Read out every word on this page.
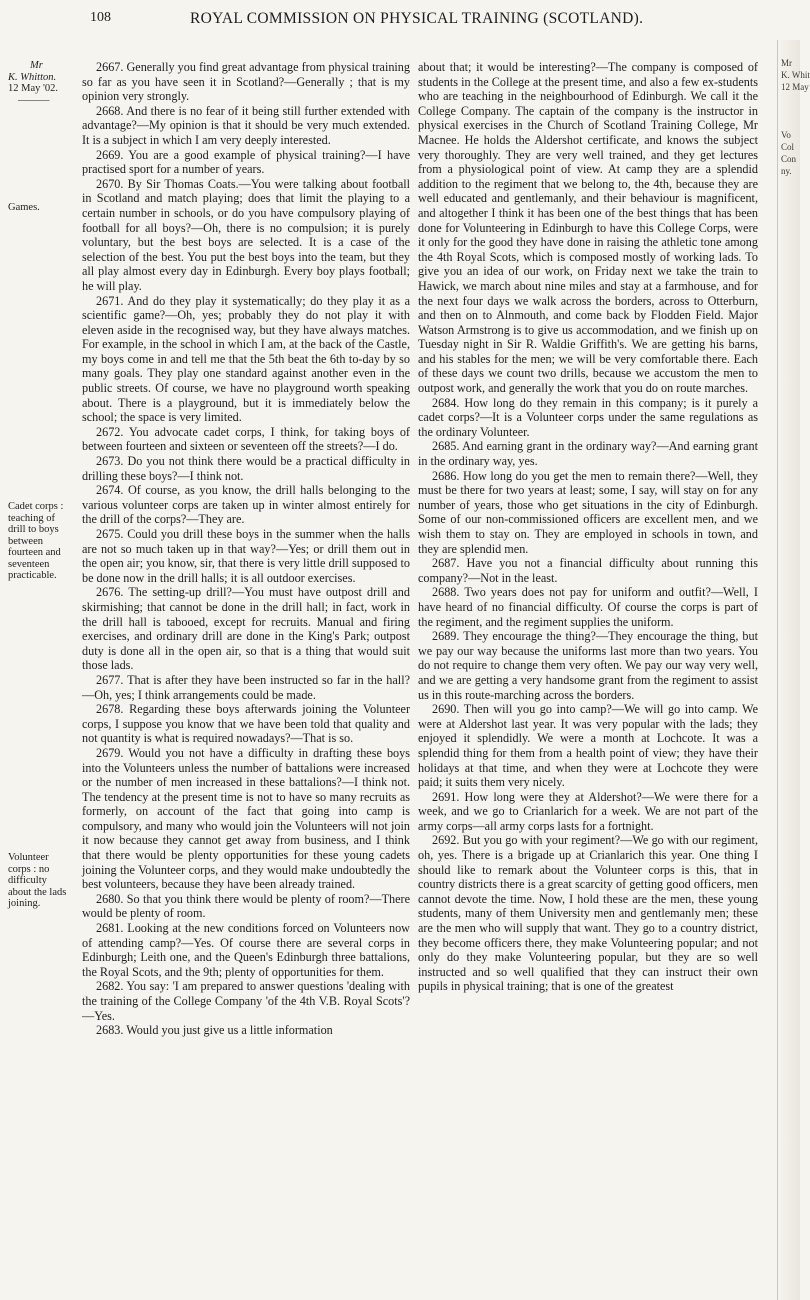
108	ROYAL COMMISSION ON PHYSICAL TRAINING (SCOTLAND).
Mr
K. Whitton.
12 May '02.
———
Games.
Cadet corps :
teaching of
drill to boys
between
fourteen and
seventeen
practicable.
Volunteer
corps : no
difficulty
about the lads
joining.

2667. Generally you find great advantage from physical training so far as you have seen it in Scotland?—Generally ; that is my opinion very strongly.

2668. And there is no fear of it being still further extended with advantage?—My opinion is that it should be very much extended. It is a subject in which I am very deeply interested.

2669. You are a good example of physical training?—I have practised sport for a number of years.

2670. By Sir Thomas Coats.—You were talking about football in Scotland and match playing; does that limit the playing to a certain number in schools, or do you have compulsory playing of football for all boys?—Oh, there is no compulsion; it is purely voluntary, but the best boys are selected. It is a case of the selection of the best. You put the best boys into the team, but they all play almost every day in Edinburgh. Every boy plays football; he will play.

2671. And do they play it systematically; do they play it as a scientific game?—Oh, yes; probably they do not play it with eleven aside in the recognised way, but they have always matches. For example, in the school in which I am, at the back of the Castle, my boys come in and tell me that the 5th beat the 6th to-day by so many goals. They play one standard against another even in the public streets. Of course, we have no playground worth speaking about. There is a playground, but it is immediately below the school; the space is very limited.

2672. You advocate cadet corps, I think, for taking boys of between fourteen and sixteen or seventeen off the streets?—I do.

2673. Do you not think there would be a practical difficulty in drilling these boys?—I think not.

2674. Of course, as you know, the drill halls belonging to the various volunteer corps are taken up in winter almost entirely for the drill of the corps?—They are.

2675. Could you drill these boys in the summer when the halls are not so much taken up in that way?—Yes; or drill them out in the open air; you know, sir, that there is very little drill supposed to be done now in the drill halls; it is all outdoor exercises.

2676. The setting-up drill?—You must have outpost drill and skirmishing; that cannot be done in the drill hall; in fact, work in the drill hall is tabooed, except for recruits. Manual and firing exercises, and ordinary drill are done in the King's Park; outpost duty is done all in the open air, so that is a thing that would suit those lads.

2677. That is after they have been instructed so far in the hall?—Oh, yes; I think arrangements could be made.

2678. Regarding these boys afterwards joining the Volunteer corps, I suppose you know that we have been told that quality and not quantity is what is required nowadays?—That is so.

2679. Would you not have a difficulty in drafting these boys into the Volunteers unless the number of battalions were increased or the number of men increased in these battalions?—I think not. The tendency at the present time is not to have so many recruits as formerly, on account of the fact that going into camp is compulsory, and many who would join the Volunteers will not join it now because they cannot get away from business, and I think that there would be plenty opportunities for these young cadets joining the Volunteer corps, and they would make undoubtedly the best volunteers, because they have been already trained.

2680. So that you think there would be plenty of room?—There would be plenty of room.

2681. Looking at the new conditions forced on Volunteers now of attending camp?—Yes. Of course there are several corps in Edinburgh; Leith one, and the Queen's Edinburgh three battalions, the Royal Scots, and the 9th; plenty of opportunities for them.

2682. You say: 'I am prepared to answer questions 'dealing with the training of the College Company 'of the 4th V.B. Royal Scots'?—Yes.

2683. Would you just give us a little information

about that; it would be interesting?—The company is composed of students in the College at the present time, and also a few ex-students who are teaching in the neighbourhood of Edinburgh. We call it the College Company. The captain of the company is the instructor in physical exercises in the Church of Scotland Training College, Mr Macnee. He holds the Aldershot certificate, and knows the subject very thoroughly. They are very well trained, and they get lectures from a physiological point of view. At camp they are a splendid addition to the regiment that we belong to, the 4th, because they are well educated and gentlemanly, and their behaviour is magnificent, and altogether I think it has been one of the best things that has been done for Volunteering in Edinburgh to have this College Corps, were it only for the good they have done in raising the athletic tone among the 4th Royal Scots, which is composed mostly of working lads. To give you an idea of our work, on Friday next we take the train to Hawick, we march about nine miles and stay at a farmhouse, and for the next four days we walk across the borders, across to Otterburn, and then on to Alnmouth, and come back by Flodden Field. Major Watson Armstrong is to give us accommodation, and we finish up on Tuesday night in Sir R. Waldie Griffith's. We are getting his barns, and his stables for the men; we will be very comfortable there. Each of these days we count two drills, because we accustom the men to outpost work, and generally the work that you do on route marches.

2684. How long do they remain in this company; is it purely a cadet corps?—It is a Volunteer corps under the same regulations as the ordinary Volunteer.

2685. And earning grant in the ordinary way?—And earning grant in the ordinary way, yes.

2686. How long do you get the men to remain there?—Well, they must be there for two years at least; some, I say, will stay on for any number of years, those who get situations in the city of Edinburgh. Some of our non-commissioned officers are excellent men, and we wish them to stay on. They are employed in schools in town, and they are splendid men.

2687. Have you not a financial difficulty about running this company?—Not in the least.

2688. Two years does not pay for uniform and outfit?—Well, I have heard of no financial difficulty. Of course the corps is part of the regiment, and the regiment supplies the uniform.

2689. They encourage the thing?—They encourage the thing, but we pay our way because the uniforms last more than two years. You do not require to change them very often. We pay our way very well, and we are getting a very handsome grant from the regiment to assist us in this route-marching across the borders.

2690. Then will you go into camp?—We will go into camp. We were at Aldershot last year. It was very popular with the lads; they enjoyed it splendidly. We were a month at Lochcote. It was a splendid thing for them from a health point of view; they have their holidays at that time, and when they were at Lochcote they were paid; it suits them very nicely.

2691. How long were they at Aldershot?—We were there for a week, and we go to Crianlarich for a week. We are not part of the army corps—all army corps lasts for a fortnight.

2692. But you go with your regiment?—We go with our regiment, oh, yes. There is a brigade up at Crianlarich this year. One thing I should like to remark about the Volunteer corps is this, that in country districts there is a great scarcity of getting good officers, men cannot devote the time. Now, I hold these are the men, these young students, many of them University men and gentlemanly men; these are the men who will supply that want. They go to a country district, they become officers there, they make Volunteering popular; and not only do they make Volunteering popular, but they are so well instructed and so well qualified that they can instruct their own pupils in physical training; that is one of the greatest

Mr
K. Whit
12 May
Vo
Col
Con
ny.
